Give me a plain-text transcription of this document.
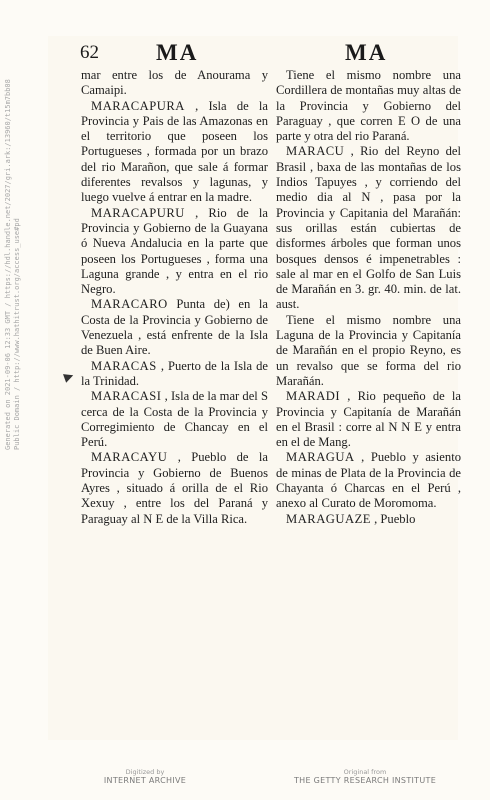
62 MA	MA
▶

mar entre los de Anourama y Camaipi.

MARACAPURA , Isla de la Provincia y Pais de las Amazonas en el territorio que poseen los Portugueses , formada por un brazo del rio Marañon, que sale á formar diferentes revalsos y lagunas, y luego vuelve á entrar en la madre.

MARACAPURU , Rio de la Provincia y Gobierno de la Guayana ó Nueva Andalucia en la parte que poseen los Portugueses , forma una Laguna grande , y entra en el rio Negro.

MARACARO Punta de) en la Costa de la Provincia y Gobierno de Venezuela , está enfrente de la Isla de Buen Aire.

MARACAS , Puerto de la Isla de la Trinidad.

MARACASI , Isla de la mar del S cerca de la Costa de la Provincia y Corregimiento de Chancay en el Perú.

MARACAYU , Pueblo de la Provincia y Gobierno de Buenos Ayres , situado á orilla de el Rio Xexuy , entre los del Paraná y Paraguay al N E de la Villa Rica.

Tiene el mismo nombre una Cordillera de montañas muy altas de la Provincia y Gobierno del Paraguay , que corren E O de una parte y otra del rio Paraná.

MARACU , Rio del Reyno del Brasil , baxa de las montañas de los Indios Tapuyes , y corriendo del medio dia al N , pasa por la Provincia y Capitania del Marañán: sus orillas están cubiertas de disformes árboles que forman unos bosques densos é impenetrables : sale al mar en el Golfo de San Luis de Marañán en 3. gr. 40. min. de lat. aust.

Tiene el mismo nombre una Laguna de la Provincia y Capitanía de Marañán en el propio Reyno, es un revalso que se forma del rio Marañán.

MARADI , Rio pequeño de la Provincia y Capitanía de Marañán en el Brasil : corre al N N E y entra en el de Mang.

MARAGUA , Pueblo y asiento de minas de Plata de la Provincia de Chayanta ó Charcas en el Perú , anexo al Curato de Moromoma.

MARAGUAZE , Pueblo

Generated on 2021-09-06 12:33 GMT / https://hdl.handle.net/2027/gri.ark:/13960/t15m7bb08 Public Domain / http://www.hathitrust.org/access_use#pd
Digitized by
INTERNET ARCHIVE
Original from
THE GETTY RESEARCH INSTITUTE
